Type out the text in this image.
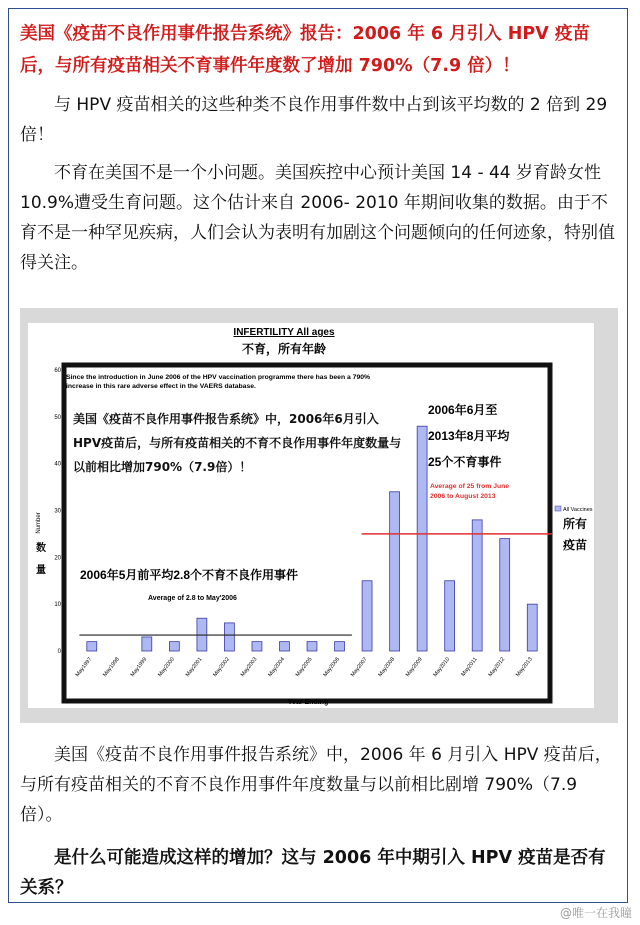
美国《疫苗不良作用事件报告系统》报告：2006 年 6 月引入 HPV 疫苗后，与所有疫苗相关不育事件年度数了增加 790%（7.9 倍）！
与 HPV 疫苗相关的这些种类不良作用事件数中占到该平均数的 2 倍到 29 倍！
不育在美国不是一个小问题。美国疾控中心预计美国 14 - 44 岁育龄女性 10.9%遭受生育问题。这个估计来自 2006- 2010 年期间收集的数据。由于不育不是一种罕见疾病，人们会认为表明有加剧这个问题倾向的任何迹象，特别值得关注。
INFERTILITY All ages
不育，所有年龄
0
10
20
30
40
50
60
May1997 May1998 May1999 May2000 May2001 May2002 May2003 May2004 May2005 May2006 May2007 May2008 May2009 May2010 May2011 May2012 May2013
Number
数
量
Year Ending
Since the introduction in June 2006 of the HPV vaccination programme there has been a 790% increase in this rare adverse effect in the VAERS database.
美国《疫苗不良作用事件报告系统》中，2006年6月引入HPV疫苗后，与所有疫苗相关的不育不良作用事件年度数量与以前相比增加790%（7.9倍）！
2006年5月前平均2.8个不育不良作用事件
Average of 2.8 to May'2006
2006年6月至
2013年8月平均
25个不育事件
Average of 25 from June
2006 to August 2013
All Vaccines
所有
疫苗
美国《疫苗不良作用事件报告系统》中，2006 年 6 月引入 HPV 疫苗后，与所有疫苗相关的不育不良作用事件年度数量与以前相比剧增 790%（7.9 倍）。
是什么可能造成这样的增加？这与 2006 年中期引入 HPV 疫苗是否有关系？
@唯一在我瞳
